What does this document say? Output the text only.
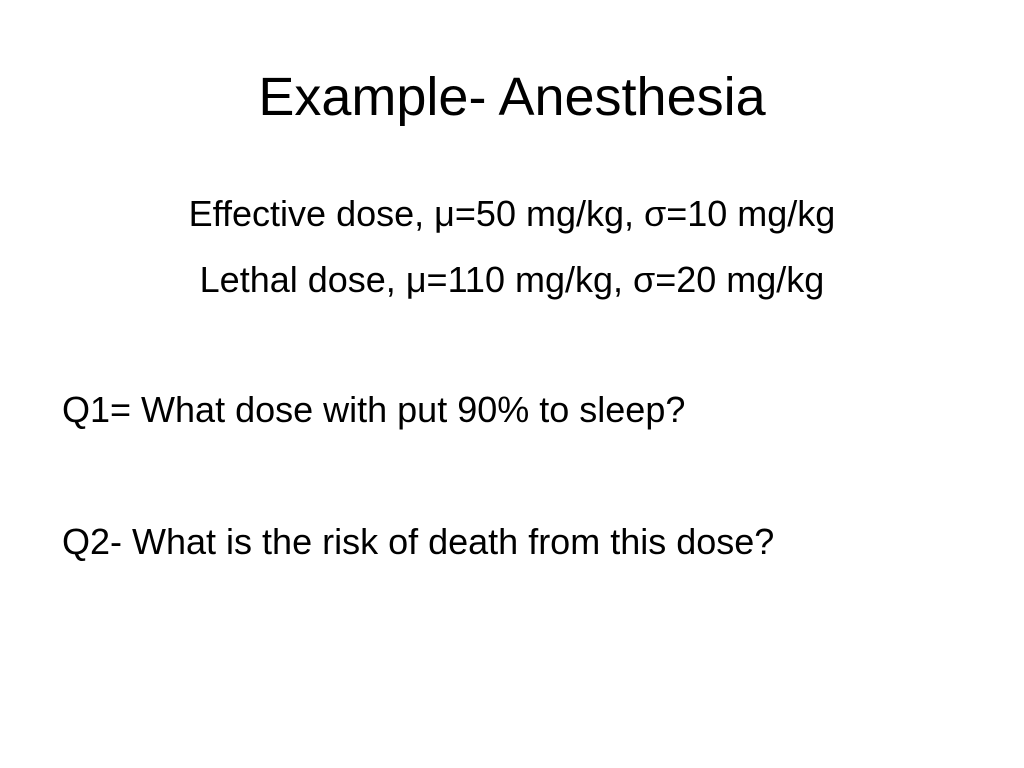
Example- Anesthesia
Effective dose, μ=50 mg/kg, σ=10 mg/kg
Lethal dose, μ=110 mg/kg, σ=20 mg/kg
Q1= What dose with put 90% to sleep?
Q2- What is the risk of death from this dose?
